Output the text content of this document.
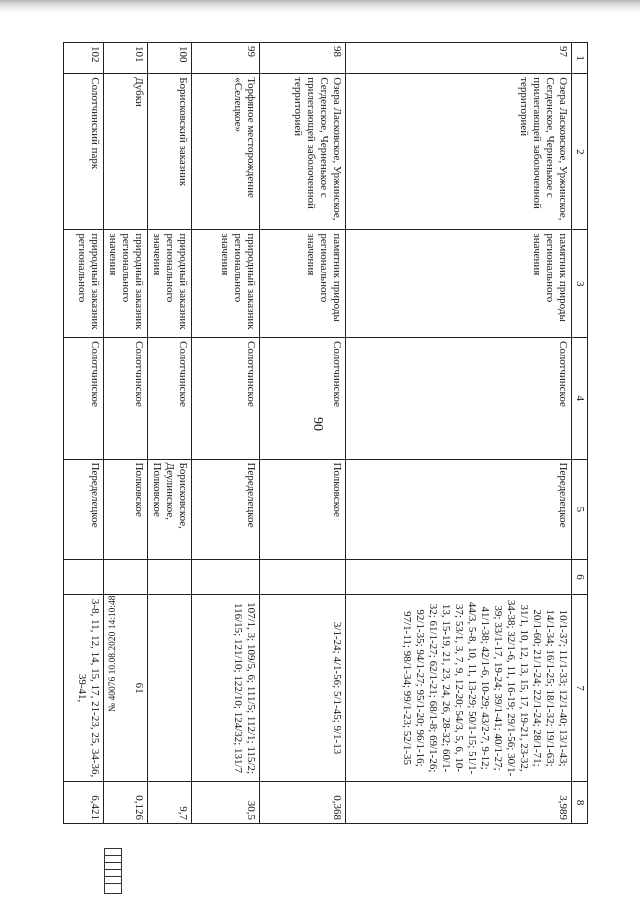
90
1	2	3	4	5	6	7	8
97	Озера Ласковское, Уржинское, Сегденское, Черненькое с прилегающей заболоченной территорией	памятник природы регионального значения	Солотчинское	Переделецкое		10/1-37; 11/1-33; 12/1-40; 13/1-43; 14/1-34; 16/1-25; 18/1-32; 19/1-63; 20/1-60; 21/1-24; 22/1-24; 28/1-71; 31/1, 10, 12, 13, 15, 17, 19-21, 23-32, 34-38; 32/1-6, 11, 16-19; 29/1-56; 30/1-39; 33/1-17, 19-24; 39/1-41; 40/1-27; 41/1-38; 42/1-6, 10-29; 43/2-7, 9-12; 44/3, 5-8, 10, 11, 13-29; 50/1-15; 51/1-37; 53/1, 3, 7, 9, 12-20; 54/3, 5, 6, 10-13, 15-19, 21, 23, 24, 26, 28-32; 60/1-32; 61/1-27; 62/1-21; 68/1-8; 69/1-26; 92/1-35; 94/1-27; 95/1-20; 96/1-16; 97/1-11; 98/1-34; 99/1-23; 52/1-35	3,989
98	Озера Ласковское, Уржинское, Сегденское, Черненькое с прилегающей заболоченной территорией	памятник природы регионального значения	Солотчинское	Полковское		3/1-24; 4/1-56; 5/1-45; 9/1-13	0,368
99	Торфяное месторождение «Селецкое»	природный заказник регионального значения	Солотчинское	Переделецкое		107/1, 3; 109/5, 6; 111/5; 112/1; 115/2; 116/15; 121/10; 122/10; 124/32; 131/7	30,5
100	Борисковский заказник	природный заказник регионального значения	Солотчинское	Борисковское, Деулинское, Полковское			9,7
101	Дубки	природный заказник регионального значения	Солотчинское	Полковское		61	0,126
102	Солотчинский парк	природный заказник регионального	Солотчинское	Переделецкое		3-8, 11, 12, 14, 15, 17, 21-23, 25, 34-36, 39-41,	6,421
№ 40076 10.08.2020 14:10:48
